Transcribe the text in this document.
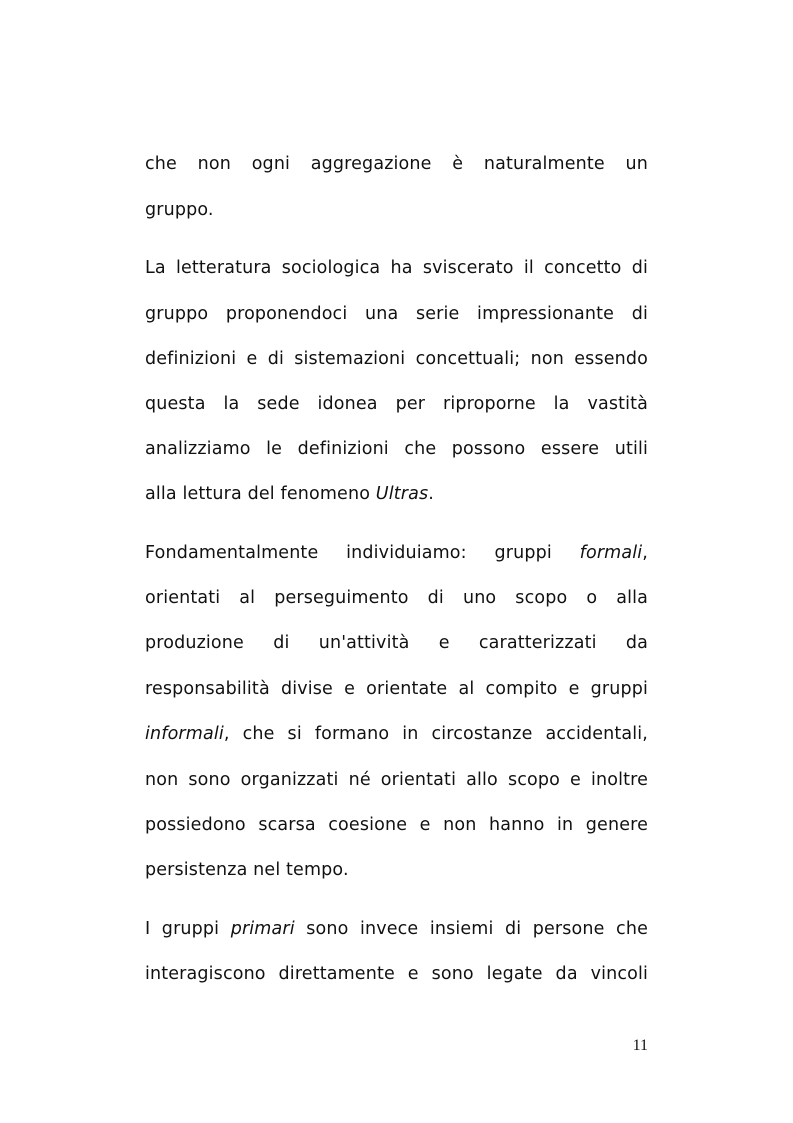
che non ogni aggregazione è naturalmente un
gruppo.
La letteratura sociologica ha sviscerato il concetto di
gruppo proponendoci una serie impressionante di
definizioni e di sistemazioni concettuali; non essendo
questa la sede idonea per riproporne la vastità
analizziamo le definizioni che possono essere utili
alla lettura del fenomeno Ultras.
Fondamentalmente individuiamo: gruppi formali,
orientati al perseguimento di uno scopo o alla
produzione di un'attività e caratterizzati da
responsabilità divise e orientate al compito e gruppi
informali, che si formano in circostanze accidentali,
non sono organizzati né orientati allo scopo e inoltre
possiedono scarsa coesione e non hanno in genere
persistenza nel tempo.
I gruppi primari sono invece insiemi di persone che
interagiscono direttamente e sono legate da vincoli
11
